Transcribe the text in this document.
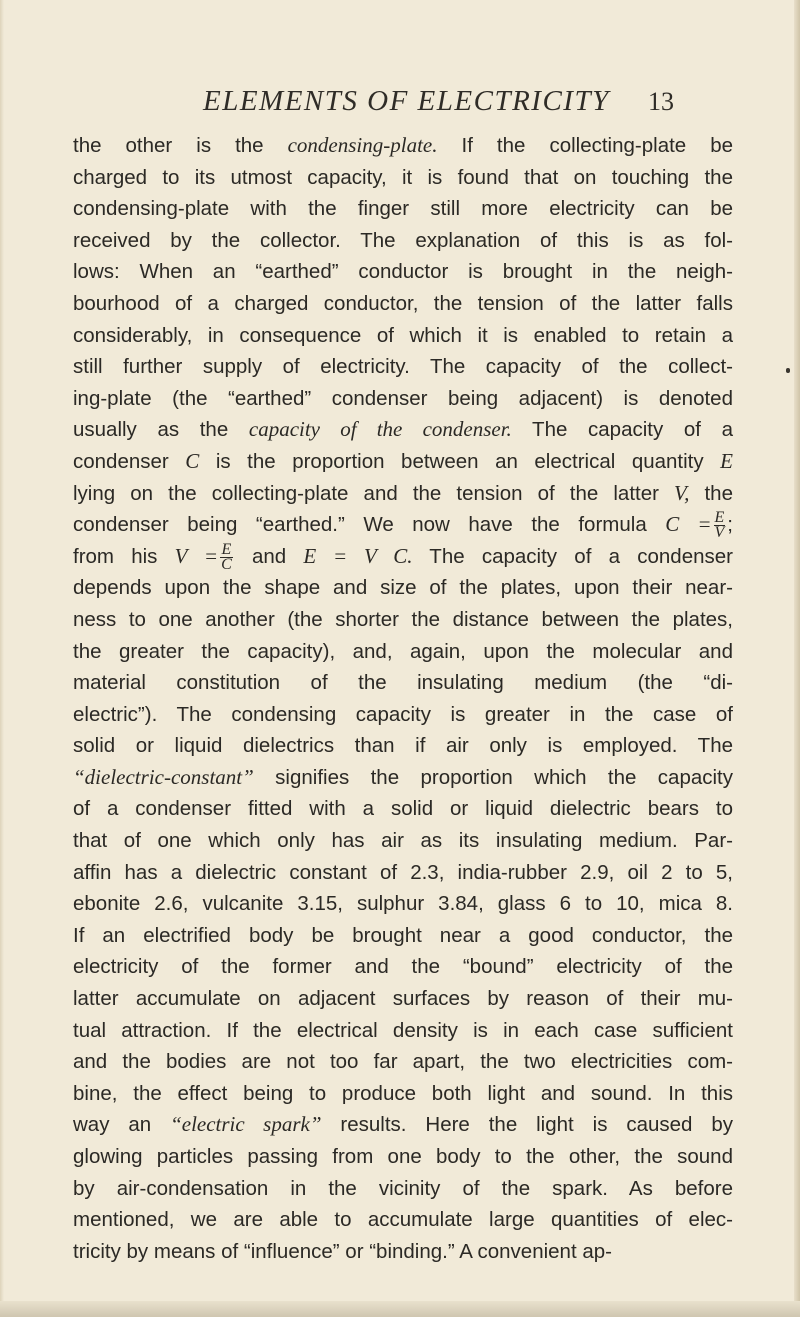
ELEMENTS OF ELECTRICITY 13
the other is the condensing-plate. If the collecting-plate be
charged to its utmost capacity, it is found that on touching the
condensing-plate with the finger still more electricity can be
received by the collector. The explanation of this is as fol-
lows: When an “earthed” conductor is brought in the neigh-
bourhood of a charged conductor, the tension of the latter falls
considerably, in consequence of which it is enabled to retain a
still further supply of electricity. The capacity of the collect-
ing-plate (the “earthed” condenser being adjacent) is denoted
usually as the capacity of the condenser. The capacity of a
condenser C is the proportion between an electrical quantity E
lying on the collecting-plate and the tension of the latter V, the
condenser being “earthed.” We now have the formula $C = \frac{E}{V}$ ;
from his $V = \frac{E}{C}$ and E = V C. The capacity of a condenser
depends upon the shape and size of the plates, upon their near-
ness to one another (the shorter the distance between the plates,
the greater the capacity), and, again, upon the molecular and
material constitution of the insulating medium (the “di-
electric”). The condensing capacity is greater in the case of
solid or liquid dielectrics than if air only is employed. The
“dielectric-constant” signifies the proportion which the capacity
of a condenser fitted with a solid or liquid dielectric bears to
that of one which only has air as its insulating medium. Par-
affin has a dielectric constant of 2.3, india-rubber 2.9, oil 2 to 5,
ebonite 2.6, vulcanite 3.15, sulphur 3.84, glass 6 to 10, mica 8.
If an electrified body be brought near a good conductor, the
electricity of the former and the “bound” electricity of the
latter accumulate on adjacent surfaces by reason of their mu-
tual attraction. If the electrical density is in each case sufficient
and the bodies are not too far apart, the two electricities com-
bine, the effect being to produce both light and sound. In this
way an “electric spark” results. Here the light is caused by
glowing particles passing from one body to the other, the sound
by air-condensation in the vicinity of the spark. As before
mentioned, we are able to accumulate large quantities of elec-
tricity by means of “influence” or “binding.” A convenient ap-
